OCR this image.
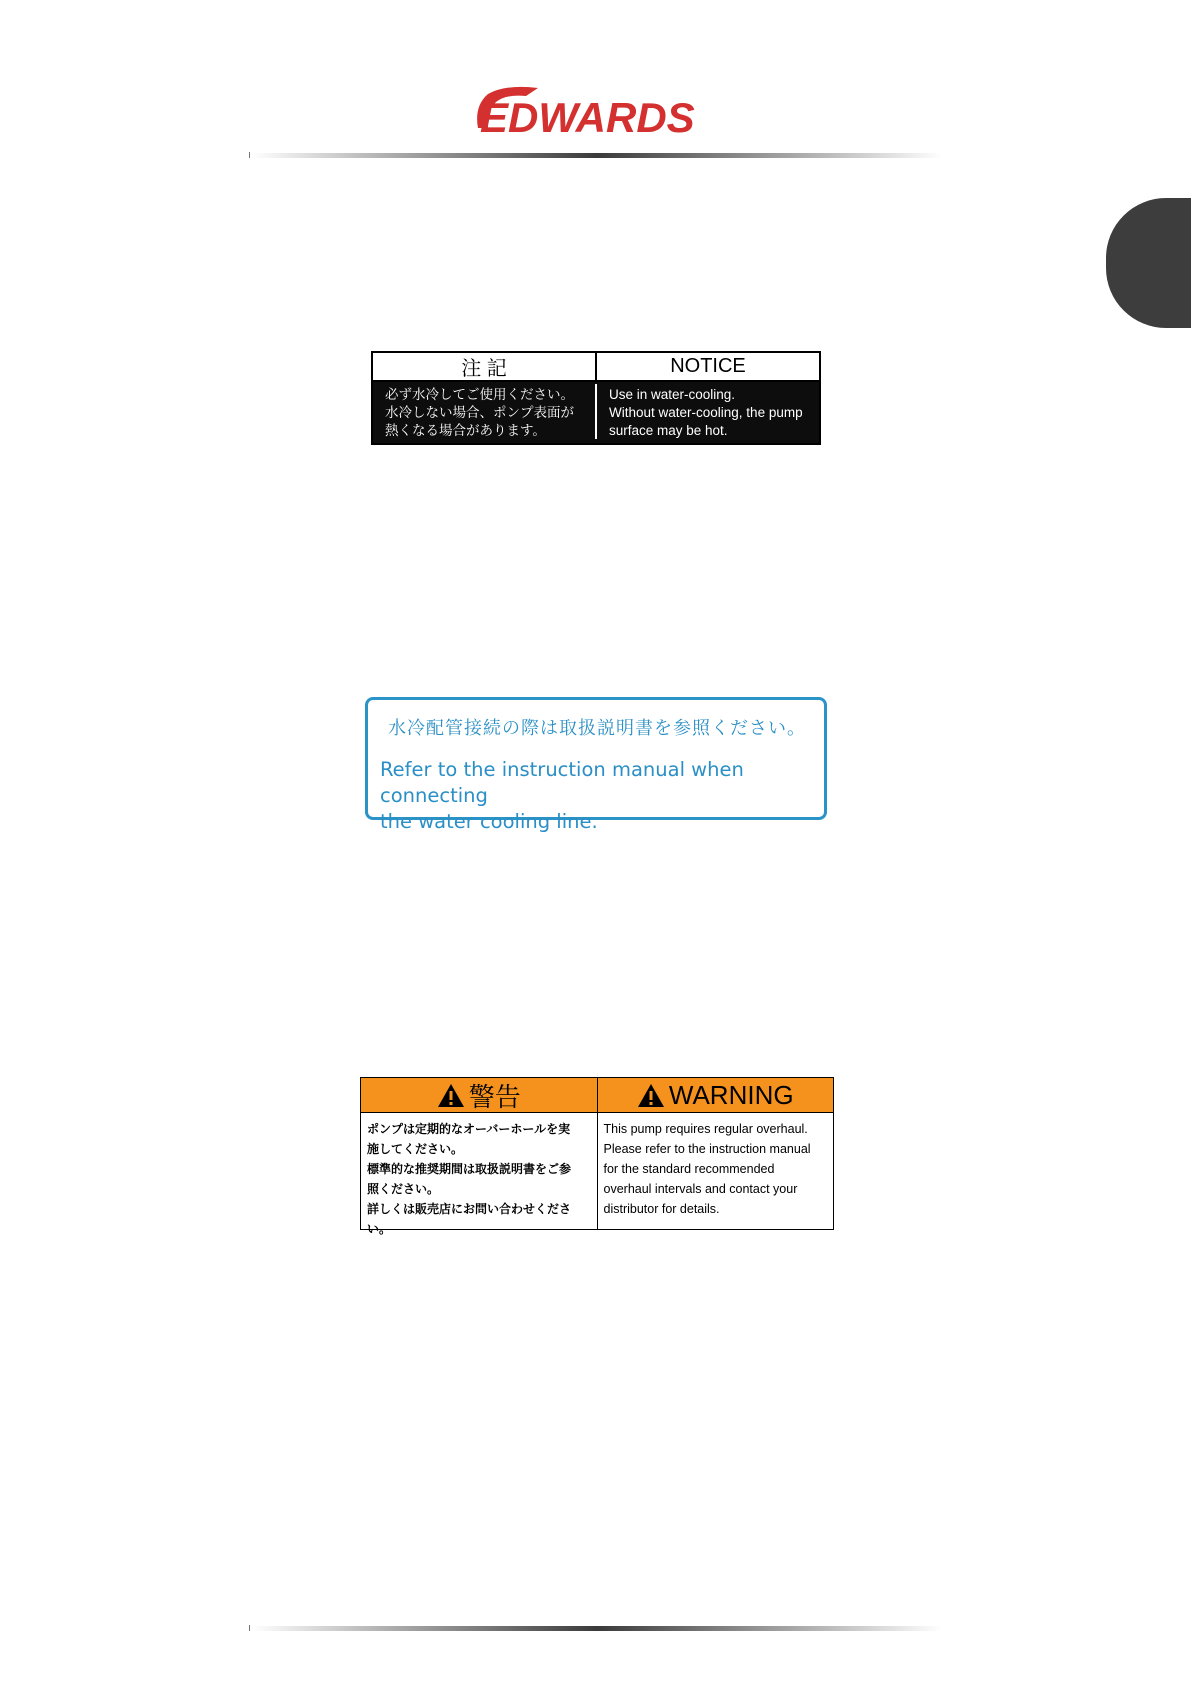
EDWARDS
注 記	NOTICE
必ず水冷してご使用ください。
水冷しない場合、ポンプ表面が
熱くなる場合があります。
Use in water-cooling.
Without water-cooling, the pump
surface may be hot.
水冷配管接続の際は取扱説明書を参照ください。
Refer to the instruction manual when connecting
the water cooling line.
警告	WARNING
ポンプは定期的なオーバーホールを実
施してください。
標準的な推奨期間は取扱説明書をご参
照ください。
詳しくは販売店にお問い合わせください。
This pump requires regular overhaul.
Please refer to the instruction manual
for the standard recommended
overhaul intervals and contact your
distributor for details.
